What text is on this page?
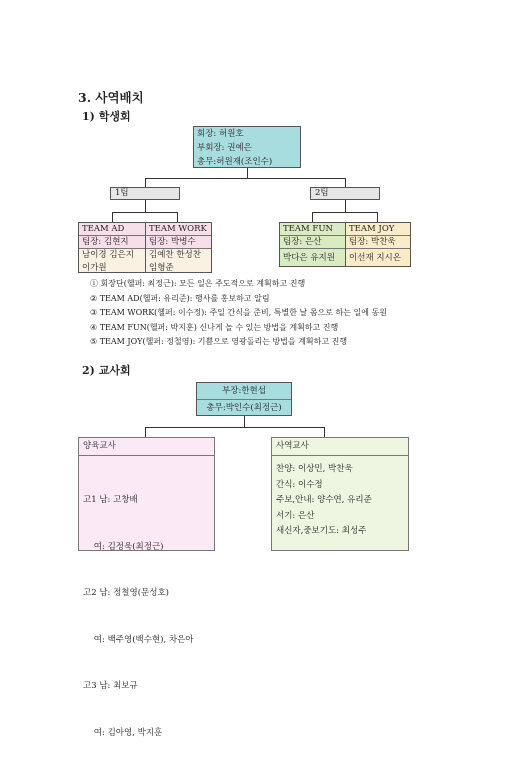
3. 사역배치
1) 학생회
회장: 허원호
부회장: 권예은
총무:허원재(조인수)
1팀	2팀
TEAM AD
팀장: 김현지
남이경 김은지
이가원
TEAM WORK
팀장: 박병수
김예찬 한성찬
임형준
TEAM FUN
팀장: 은산
박다은 유지원
TEAM JOY
팀장: 박찬욱
이선재 지시온
① 회장단(헬퍼: 최정근): 모든 일은 주도적으로 계획하고 진행
② TEAM AD(헬퍼: 유리준): 행사를 홍보하고 알림
③ TEAM WORK(헬퍼: 이수정): 주일 간식을 준비, 특별한 날 몸으로 하는 일에 동원
④ TEAM FUN(헬퍼: 박지훈) 신나게 놀 수 있는 방법을 계획하고 진행
⑤ TEAM JOY(헬퍼: 정철영): 기쁨으로 영광돌리는 방법을 계획하고 진행
2) 교사회
부장:한현섭
총무:박인수(최정근)
양육교사

고1 남: 고창배

여: 김정욱(최정근)

고2 남: 정철영(문성호)

여: 백주영(백수현), 차은아

고3 남: 최보규

여: 김아영, 박지훈

사역교사
찬양: 이상민, 박찬욱
간식: 이수정
주보,안내: 양수연, 유리준
서기: 은산
새신자,중보기도: 최성주
